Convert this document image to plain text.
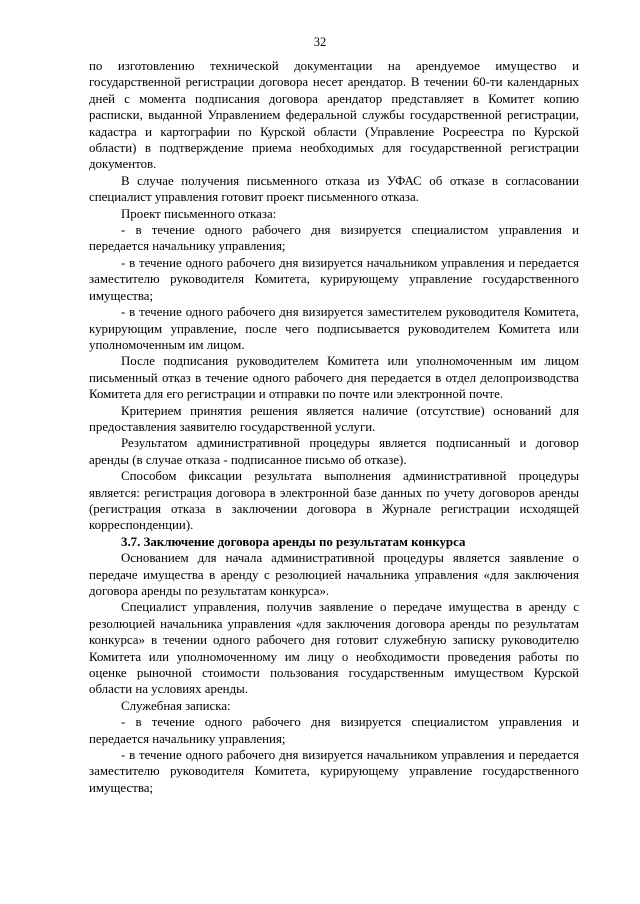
32

по изготовлению технической документации на арендуемое имущество и государственной регистрации договора несет арендатор. В течении 60-ти календарных дней с момента подписания договора арендатор представляет в Комитет копию расписки, выданной Управлением федеральной службы государственной регистрации, кадастра и картографии по Курской области (Управление Росреестра по Курской области) в подтверждение приема необходимых для государственной регистрации документов.

В случае получения письменного отказа из УФАС об отказе в согласовании специалист управления готовит проект письменного отказа.

Проект письменного отказа:

- в течение одного рабочего дня визируется специалистом управления и передается начальнику управления;

- в течение одного рабочего дня визируется начальником управления и передается заместителю руководителя Комитета, курирующему управление государственного имущества;

- в течение одного рабочего дня визируется заместителем руководителя Комитета, курирующим управление, после чего подписывается руководителем Комитета или уполномоченным им лицом.

После подписания руководителем Комитета или уполномоченным им лицом письменный отказ в течение одного рабочего дня передается в отдел делопроизводства Комитета для его регистрации и отправки по почте или электронной почте.

Критерием принятия решения является наличие (отсутствие) оснований для предоставления заявителю государственной услуги.

Результатом административной процедуры является подписанный и договор аренды (в случае отказа - подписанное письмо об отказе).

Способом фиксации результата выполнения административной процедуры является: регистрация договора в электронной базе данных по учету договоров аренды (регистрация отказа в заключении договора в Журнале регистрации исходящей корреспонденции).

3.7. Заключение договора аренды по результатам конкурса

Основанием для начала административной процедуры является заявление о передаче имущества в аренду с резолюцией начальника управления «для заключения договора аренды по результатам конкурса».

Специалист управления, получив заявление о передаче имущества в аренду с резолюцией начальника управления «для заключения договора аренды по результатам конкурса» в течении одного рабочего дня готовит служебную записку руководителю Комитета или уполномоченному им лицу о необходимости проведения работы по оценке рыночной стоимости пользования государственным имуществом Курской области на условиях аренды.

Служебная записка:

- в течение одного рабочего дня визируется специалистом управления и передается начальнику управления;

- в течение одного рабочего дня визируется начальником управления и передается заместителю руководителя Комитета, курирующему управление государственного имущества;
